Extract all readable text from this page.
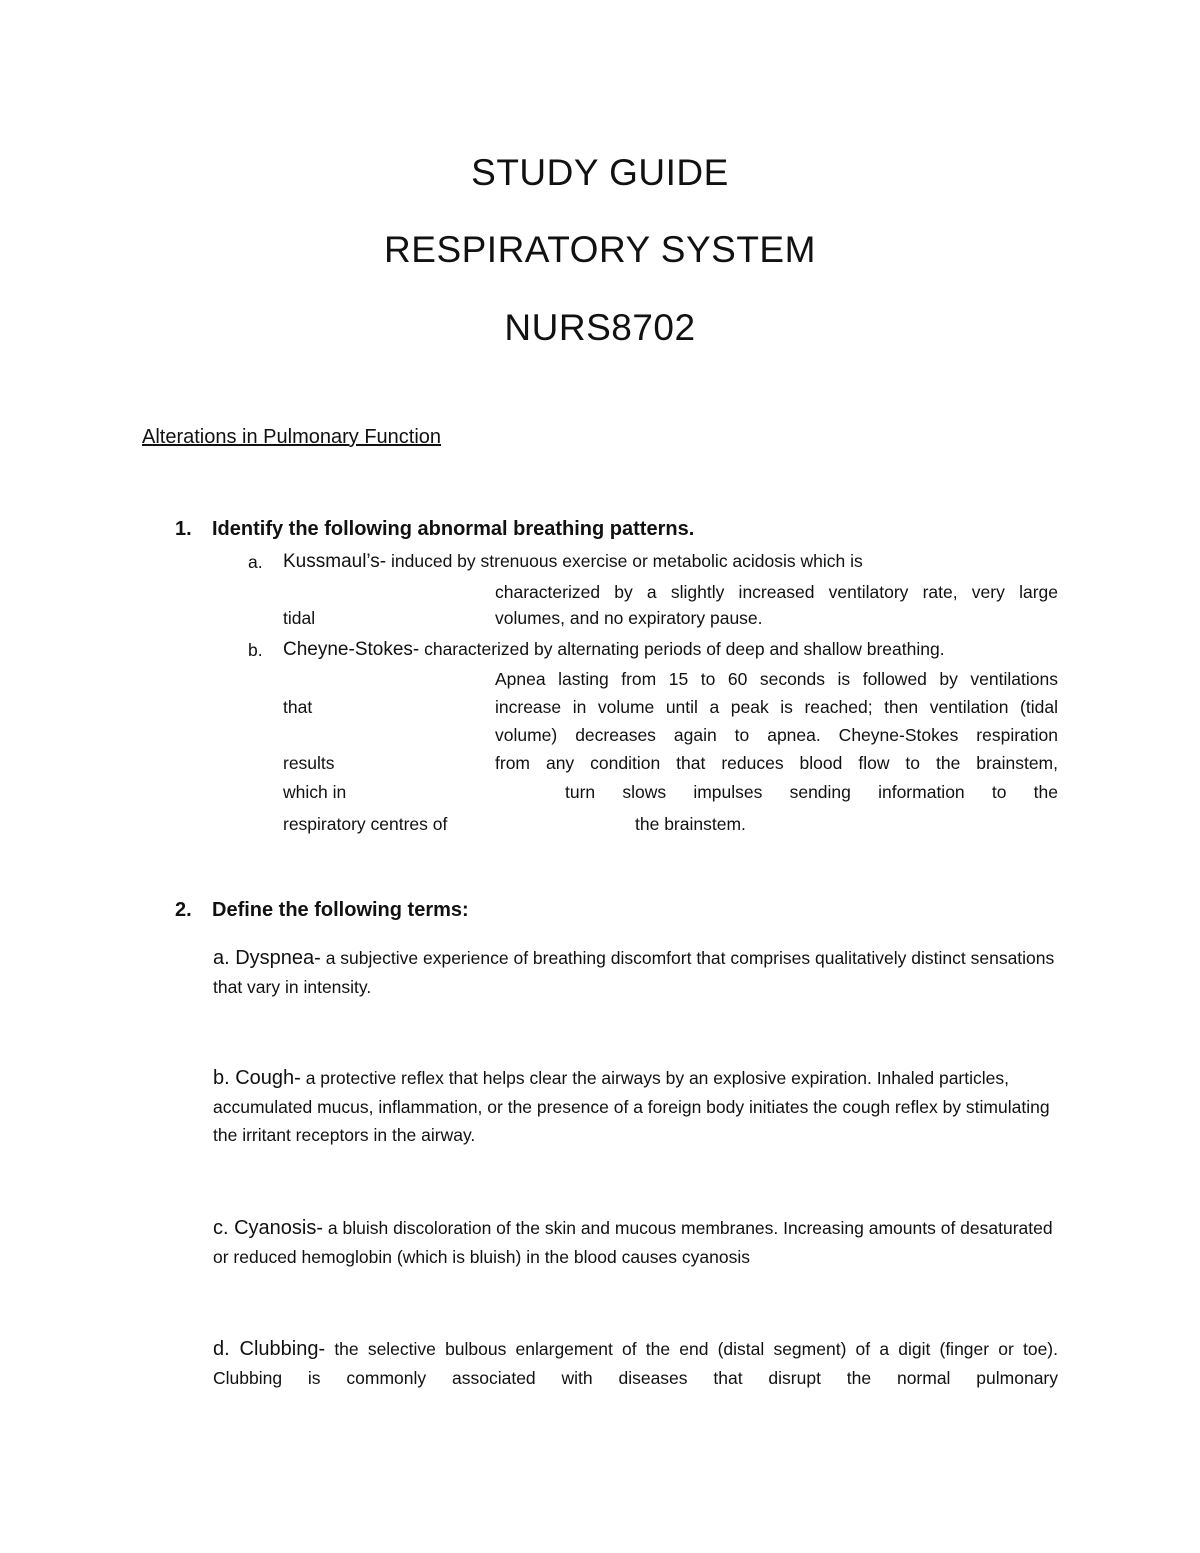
STUDY GUIDE
RESPIRATORY SYSTEM
NURS8702
Alterations in Pulmonary Function
1. Identify the following abnormal breathing patterns.
a. Kussmaul’s- induced by strenuous exercise or metabolic acidosis which is
characterized by a slightly increased ventilatory rate, very large
tidal	volumes, and no expiratory pause.
b. Cheyne-Stokes- characterized by alternating periods of deep and shallow breathing.
Apnea lasting from 15 to 60 seconds is followed by ventilations
that	increase in volume until a peak is reached; then ventilation (tidal
volume) decreases again to apnea. Cheyne-Stokes respiration
results	from any condition that reduces blood flow to the brainstem,
which in	turn slows impulses sending information to the
respiratory centres of	the brainstem.
2. Define the following terms:
a. Dyspnea- a subjective experience of breathing discomfort that comprises qualitatively distinct sensations that vary in intensity.
b. Cough- a protective reflex that helps clear the airways by an explosive expiration. Inhaled particles, accumulated mucus, inflammation, or the presence of a foreign body initiates the cough reflex by stimulating the irritant receptors in the airway.
c. Cyanosis- a bluish discoloration of the skin and mucous membranes. Increasing amounts of desaturated or reduced hemoglobin (which is bluish) in the blood causes cyanosis
d. Clubbing- the selective bulbous enlargement of the end (distal segment) of a digit (finger or toe). Clubbing is commonly associated with diseases that disrupt the normal pulmonary
